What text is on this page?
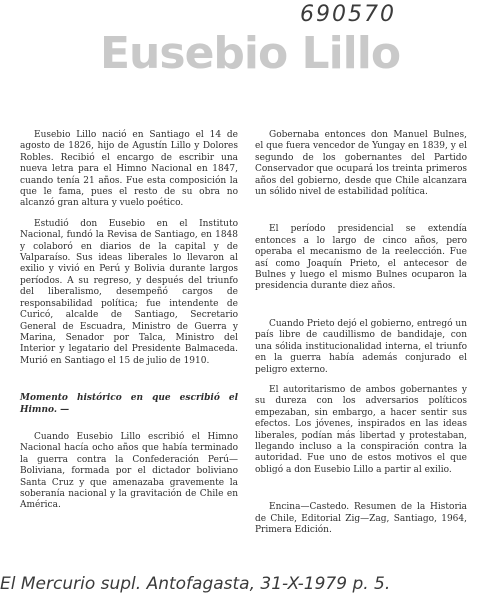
690570
Eusebio Lillo

Eusebio Lillo nació en Santiago el 14 de agosto de 1826, hijo de Agustín Lillo y Dolores Robles. Recibió el encargo de escribir una nueva letra para el Himno Nacional en 1847, cuando tenía 21 años. Fue esta composición la que le fama, pues el resto de su obra no alcanzó gran altura y vuelo poético.

Estudió don Eusebio en el Instituto Nacional, fundó la Revisa de Santiago, en 1848 y colaboró en diarios de la capital y de Valparaíso. Sus ideas liberales lo llevaron al exilio y vivió en Perú y Bolivia durante largos períodos. A su regreso, y después del triunfo del liberalismo, desempeñó cargos de responsabilidad política; fue intendente de Curicó, alcalde de Santiago, Secretario General de Escuadra, Ministro de Guerra y Marina, Senador por Talca, Ministro del Interior y legatario del Presidente Balmaceda. Murió en Santiago el 15 de julio de 1910.

Momento histórico en que escribió el Himno. —

Cuando Eusebio Lillo escribió el Himno Nacional hacía ocho años que había terminado la guerra contra la Confederación Perú—Boliviana, formada por el dictador boliviano Santa Cruz y que amenazaba gravemente la soberanía nacional y la gravitación de Chile en América.

Gobernaba entonces don Manuel Bulnes, el que fuera vencedor de Yungay en 1839, y el segundo de los gobernantes del Partido Conservador que ocupará los treinta primeros años del gobierno, desde que Chile alcanzara un sólido nivel de estabilidad política.

El período presidencial se extendía entonces a lo largo de cinco años, pero operaba el mecanismo de la reelección. Fue así como Joaquín Prieto, el antecesor de Bulnes y luego el mismo Bulnes ocuparon la presidencia durante diez años.

Cuando Prieto dejó el gobierno, entregó un país libre de caudillismo de bandidaje, con una sólida institucionalidad interna, el triunfo en la guerra había además conjurado el peligro externo.

El autoritarismo de ambos gobernantes y su dureza con los adversarios políticos empezaban, sin embargo, a hacer sentir sus efectos. Los jóvenes, inspirados en las ideas liberales, podían más libertad y protestaban, llegando incluso a la conspiración contra la autoridad. Fue uno de estos motivos el que obligó a don Eusebio Lillo a partir al exilio.

Encina—Castedo. Resumen de la Historia de Chile, Editorial Zig—Zag, Santiago, 1964, Primera Edición.

El Mercurio supl. Antofagasta, 31-X-1979 p. 5.
